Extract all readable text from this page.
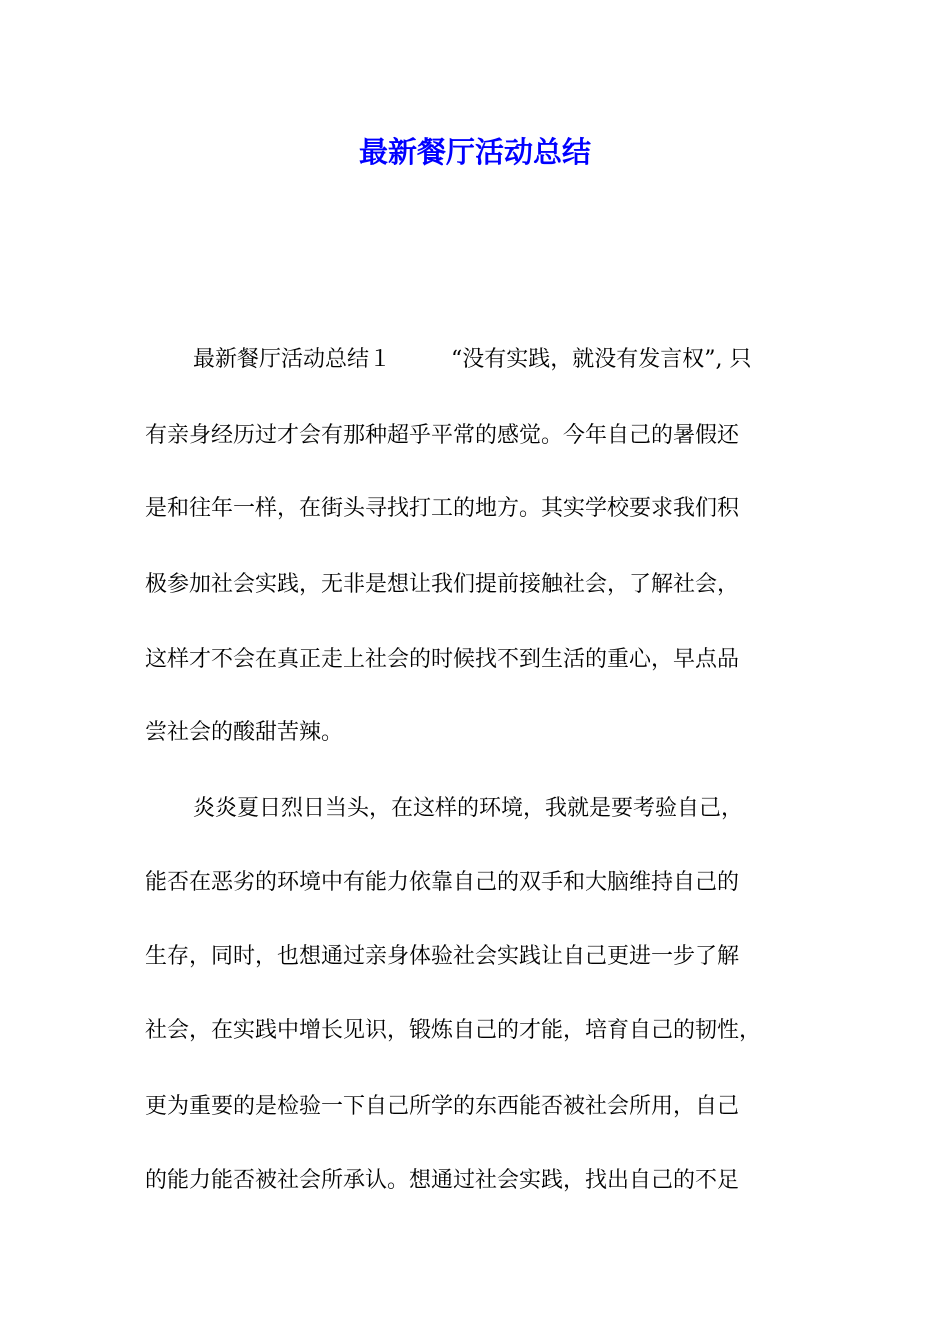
最新餐厅活动总结
最新餐厅活动总结１	“没有实践，就没有发言权”, 只
有亲身经历过才会有那种超乎平常的感觉。今年自己的暑假还
是和往年一样，在街头寻找打工的地方。其实学校要求我们积
极参加社会实践，无非是想让我们提前接触社会，了解社会，
这样才不会在真正走上社会的时候找不到生活的重心，早点品
尝社会的酸甜苦辣。
炎炎夏日烈日当头，在这样的环境，我就是要考验自己，
能否在恶劣的环境中有能力依靠自己的双手和大脑维持自己的
生存，同时，也想通过亲身体验社会实践让自己更进一步了解
社会，在实践中增长见识，锻炼自己的才能，培育自己的韧性，
更为重要的是检验一下自己所学的东西能否被社会所用，自己
的能力能否被社会所承认。想通过社会实践，找出自己的不足
